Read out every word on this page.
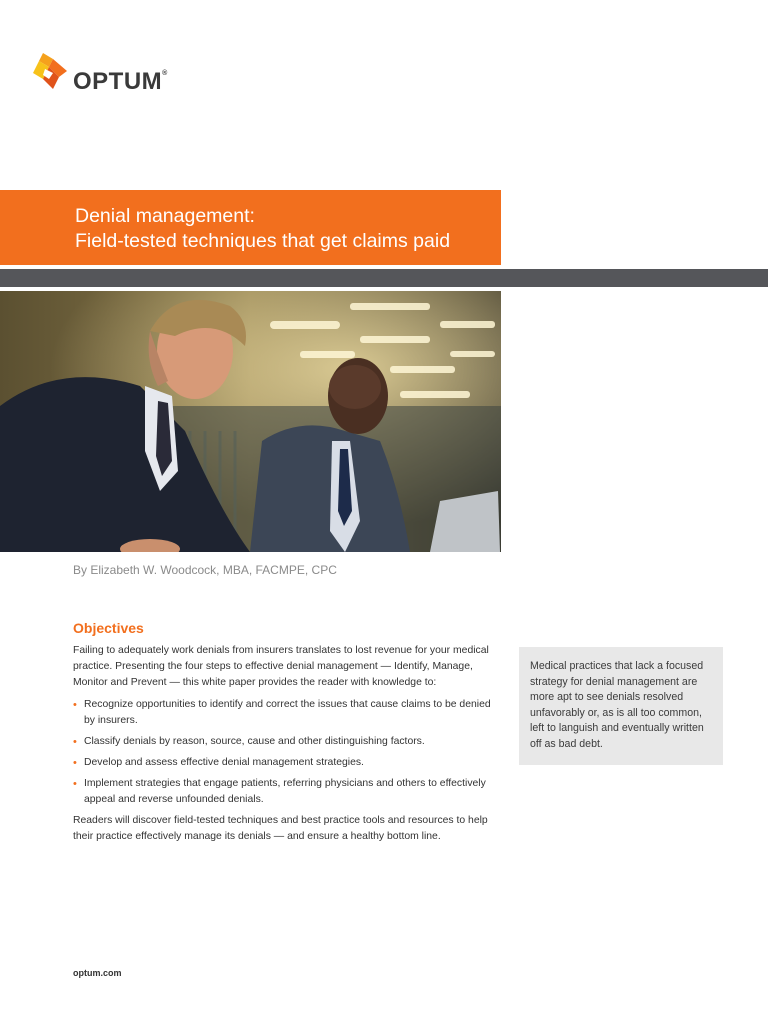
OPTUM®
Denial management:
Field-tested techniques that get claims paid
By Elizabeth W. Woodcock, MBA, FACMPE, CPC
Objectives

Failing to adequately work denials from insurers translates to lost revenue for your medical practice. Presenting the four steps to effective denial management — Identify, Manage, Monitor and Prevent — this white paper provides the reader with knowledge to:

• Recognize opportunities to identify and correct the issues that cause claims to be denied by insurers.
• Classify denials by reason, source, cause and other distinguishing factors.
• Develop and assess effective denial management strategies.
• Implement strategies that engage patients, referring physicians and others to effectively appeal and reverse unfounded denials.

Readers will discover field-tested techniques and best practice tools and resources to help their practice effectively manage its denials — and ensure a healthy bottom line.

Medical practices that lack a focused strategy for denial management are more apt to see denials resolved unfavorably or, as is all too common, left to languish and eventually written off as bad debt.
optum.com
